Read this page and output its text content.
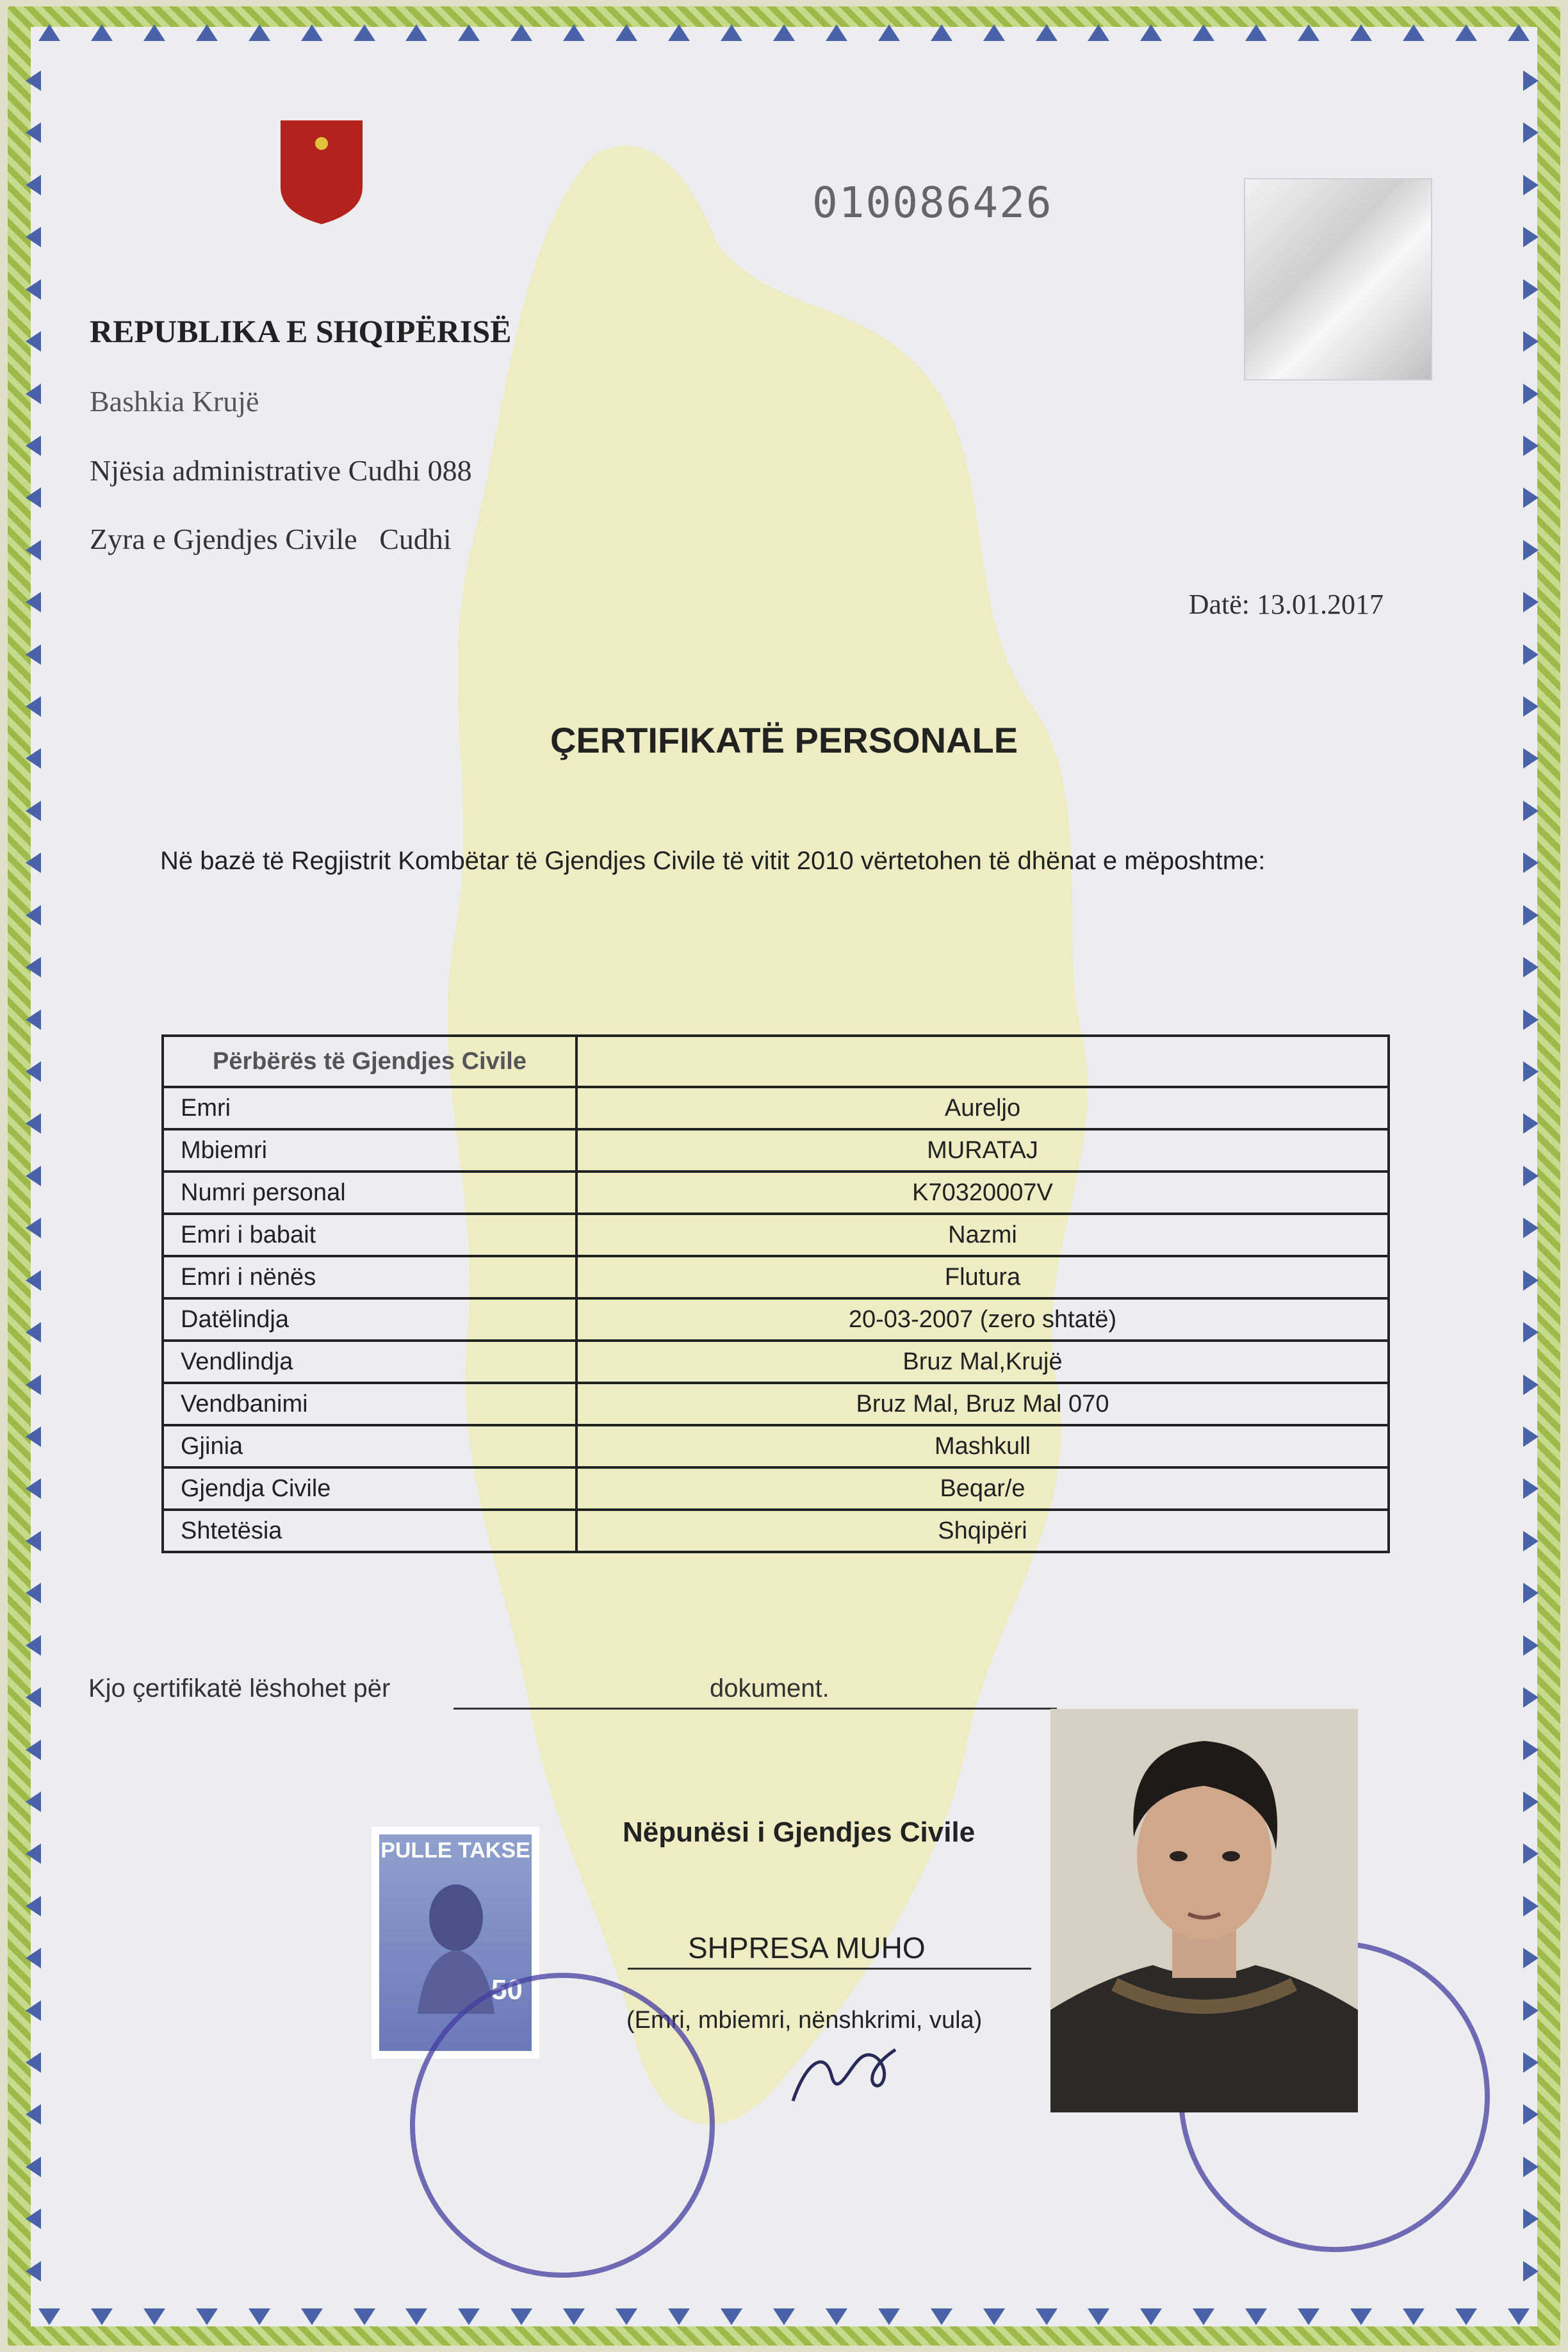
010086426
REPUBLIKA E SHQIPËRISË
Bashkia Krujë
Njësia administrative Cudhi 088
Zyra e Gjendjes Civile   Cudhi
Datë: 13.01.2017
ÇERTIFIKATË PERSONALE
Në bazë të Regjistrit Kombëtar të Gjendjes Civile të vitit 2010 vërtetohen të dhënat e mëposhtme:
Përbërës të Gjendjes Civile	
Emri	Aureljo
Mbiemri	MURATAJ
Numri personal	K70320007V
Emri i babait	Nazmi
Emri i nënës	Flutura
Datëlindja	20-03-2007 (zero shtatë)
Vendlindja	Bruz Mal,Krujë
Vendbanimi	Bruz Mal, Bruz Mal 070
Gjinia	Mashkull
Gjendja Civile	Beqar/e
Shtetësia	Shqipëri
Kjo çertifikatë lëshohet për	dokument.
Nëpunësi i Gjendjes Civile
SHPRESA MUHO
(Emri, mbiemri, nënshkrimi, vula)
PULLE TAKSE
50
